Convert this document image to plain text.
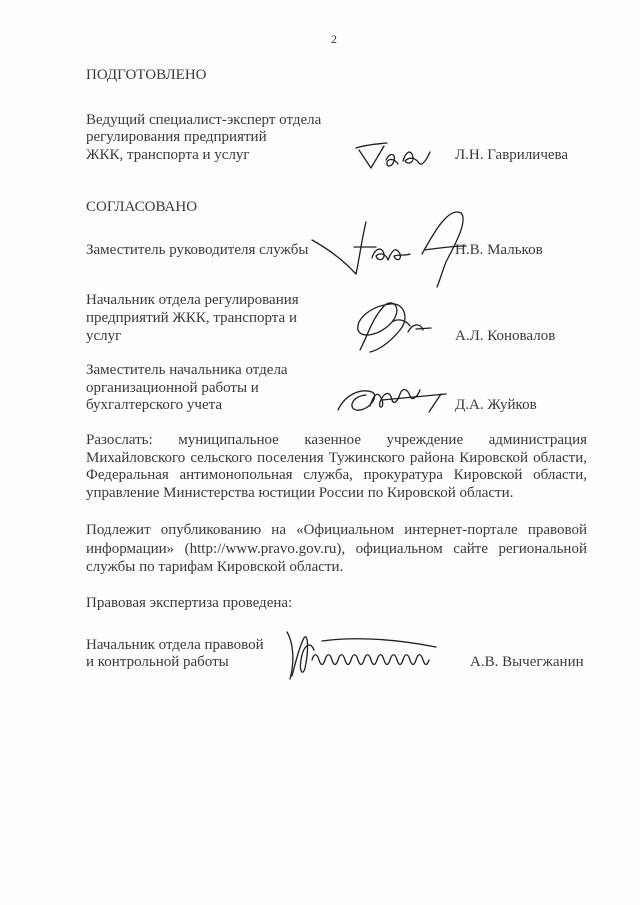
2
ПОДГОТОВЛЕНО
Ведущий специалист-эксперт отдела
регулирования предприятий
ЖКК, транспорта и услуг	Л.Н. Гавриличева
СОГЛАСОВАНО
Заместитель руководителя службы	Н.В. Мальков
Начальник отдела регулирования
предприятий ЖКК, транспорта и
услуг	А.Л. Коновалов
Заместитель начальника отдела
организационной работы и
бухгалтерского учета	Д.А. Жуйков
Разослать: муниципальное казенное учреждение администрация
Михайловского сельского поселения Тужинского района Кировской области,
Федеральная антимонопольная служба, прокуратура Кировской области,
управление Министерства юстиции России по Кировской области.
Подлежит опубликованию на «Официальном интернет-портале правовой
информации» (http://www.pravo.gov.ru), официальном сайте региональной
службы по тарифам Кировской области.
Правовая экспертиза проведена:
Начальник отдела правовой
и контрольной работы	А.В. Вычегжанин
